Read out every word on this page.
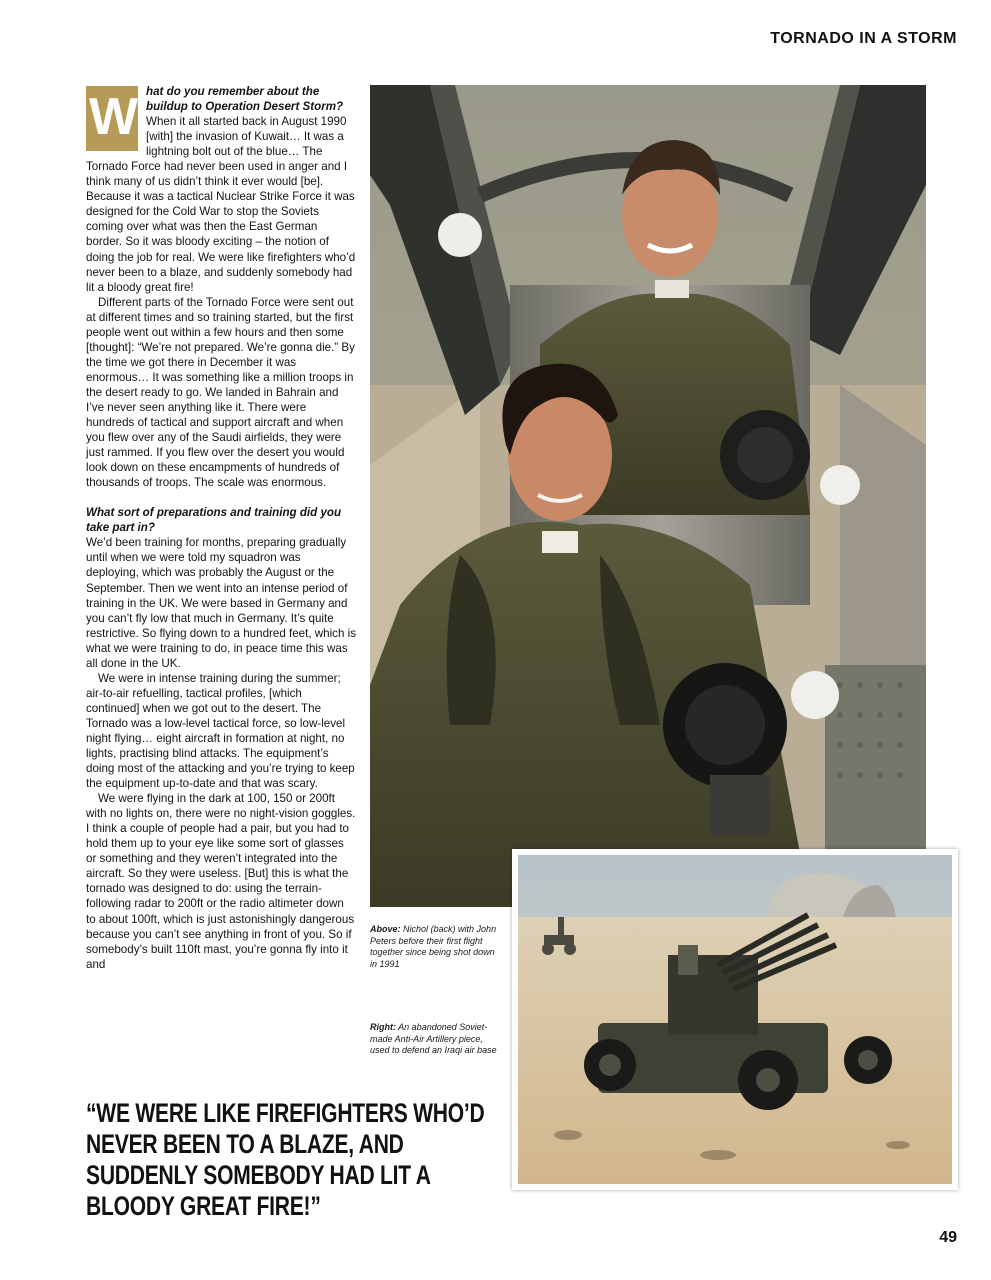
TORNADO IN A STORM
W hat do you remember about the buildup to Operation Desert Storm? When it all started back in August 1990 [with] the invasion of Kuwait… It was a lightning bolt out of the blue… The Tornado Force had never been used in anger and I think many of us didn’t think it ever would [be]. Because it was a tactical Nuclear Strike Force it was designed for the Cold War to stop the Soviets coming over what was then the East German border. So it was bloody exciting – the notion of doing the job for real. We were like firefighters who’d never been to a blaze, and suddenly somebody had lit a bloody great fire!

Different parts of the Tornado Force were sent out at different times and so training started, but the first people went out within a few hours and then some [thought]: “We’re not prepared. We’re gonna die.” By the time we got there in December it was enormous… It was something like a million troops in the desert ready to go. We landed in Bahrain and I’ve never seen anything like it. There were hundreds of tactical and support aircraft and when you flew over any of the Saudi airfields, they were just rammed. If you flew over the desert you would look down on these encampments of hundreds of thousands of troops. The scale was enormous.

What sort of preparations and training did you take part in?

We’d been training for months, preparing gradually until when we were told my squadron was deploying, which was probably the August or the September. Then we went into an intense period of training in the UK. We were based in Germany and you can’t fly low that much in Germany. It’s quite restrictive. So flying down to a hundred feet, which is what we were training to do, in peace time this was all done in the UK.

We were in intense training during the summer; air-to-air refuelling, tactical profiles, [which continued] when we got out to the desert. The Tornado was a low-level tactical force, so low-level night flying… eight aircraft in formation at night, no lights, practising blind attacks. The equipment’s doing most of the attacking and you’re trying to keep the equipment up-to-date and that was scary.

We were flying in the dark at 100, 150 or 200ft with no lights on, there were no night-vision goggles. I think a couple of people had a pair, but you had to hold them up to your eye like some sort of glasses or something and they weren’t integrated into the aircraft. So they were useless. [But] this is what the tornado was designed to do: using the terrain- following radar to 200ft or the radio altimeter down to about 100ft, which is just astonishingly dangerous because you can’t see anything in front of you. So if somebody’s built 110ft mast, you’re gonna fly into it and

Above: Nichol (back) with John Peters before their first flight together since being shot down in 1991
Right: An abandoned Soviet-made Anti-Air Artillery piece, used to defend an Iraqi air base
“WE WERE LIKE FIREFIGHTERS WHO’D NEVER BEEN TO A BLAZE, AND SUDDENLY SOMEBODY HAD LIT A BLOODY GREAT FIRE!”
49
